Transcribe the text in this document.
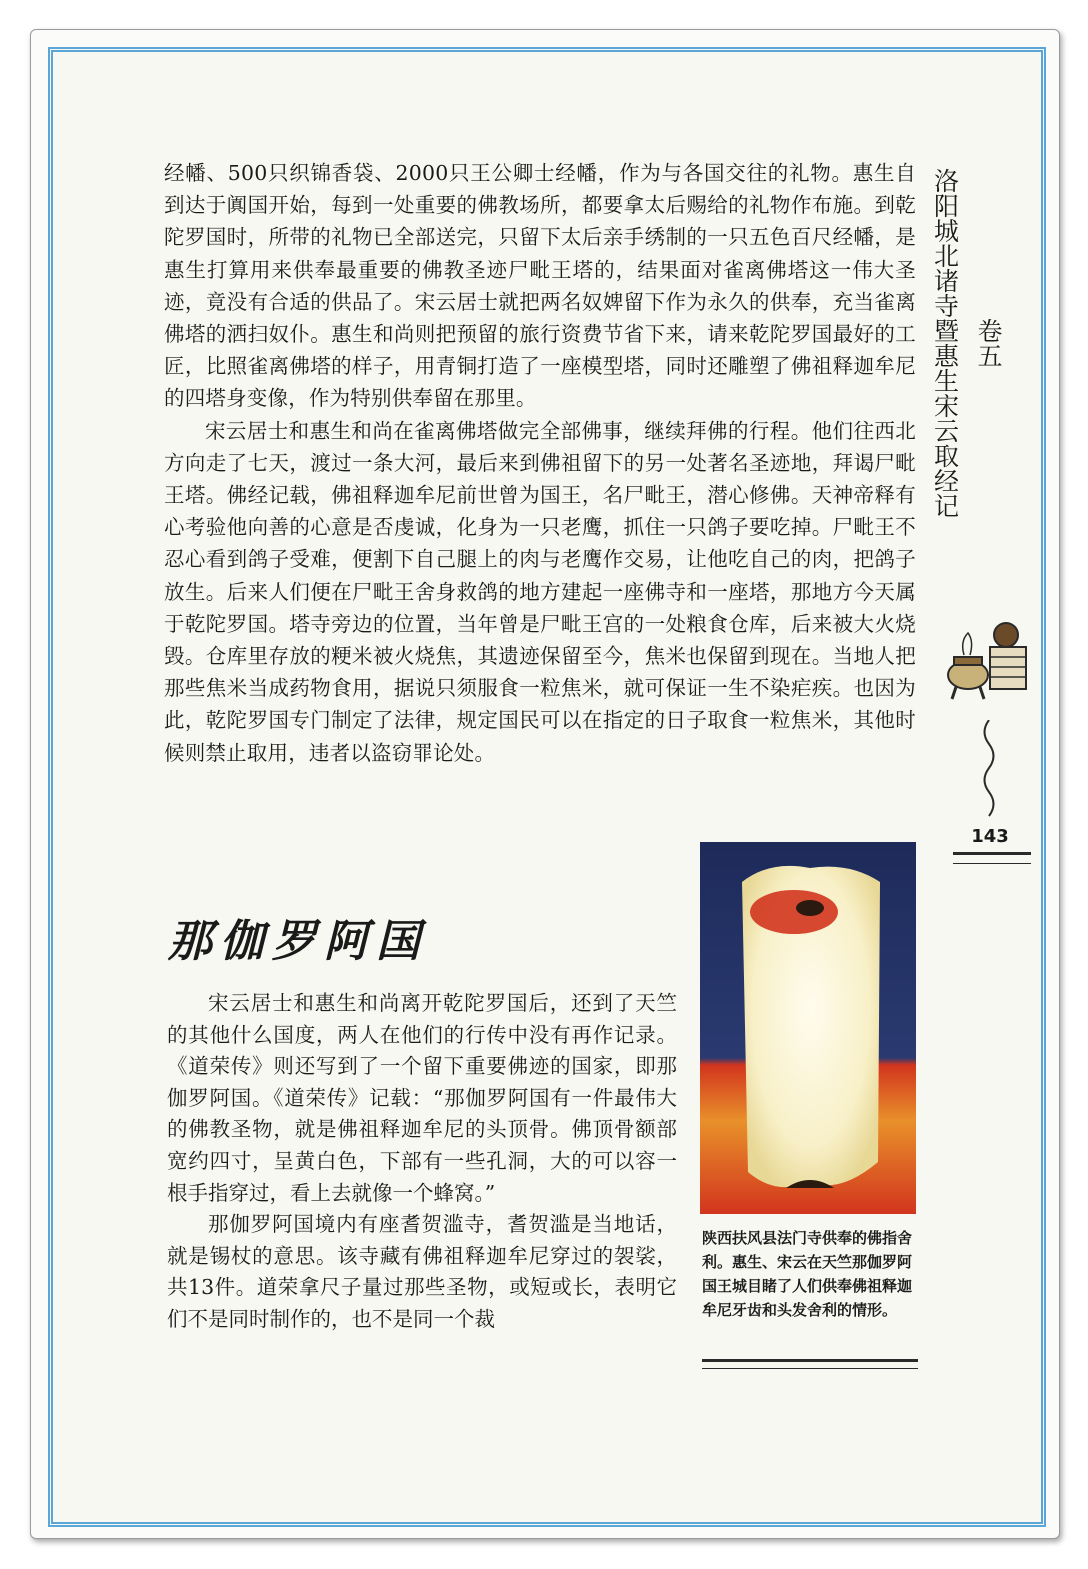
经幡、500只织锦香袋、2000只王公卿士经幡，作为与各国交往的礼物。惠生自到达于阗国开始，每到一处重要的佛教场所，都要拿太后赐给的礼物作布施。到乾陀罗国时，所带的礼物已全部送完，只留下太后亲手绣制的一只五色百尺经幡，是惠生打算用来供奉最重要的佛教圣迹尸毗王塔的，结果面对雀离佛塔这一伟大圣迹，竟没有合适的供品了。宋云居士就把两名奴婢留下作为永久的供奉，充当雀离佛塔的洒扫奴仆。惠生和尚则把预留的旅行资费节省下来，请来乾陀罗国最好的工匠，比照雀离佛塔的样子，用青铜打造了一座模型塔，同时还雕塑了佛祖释迦牟尼的四塔身变像，作为特别供奉留在那里。

宋云居士和惠生和尚在雀离佛塔做完全部佛事，继续拜佛的行程。他们往西北方向走了七天，渡过一条大河，最后来到佛祖留下的另一处著名圣迹地，拜谒尸毗王塔。佛经记载，佛祖释迦牟尼前世曾为国王，名尸毗王，潜心修佛。天神帝释有心考验他向善的心意是否虔诚，化身为一只老鹰，抓住一只鸽子要吃掉。尸毗王不忍心看到鸽子受难，便割下自己腿上的肉与老鹰作交易，让他吃自己的肉，把鸽子放生。后来人们便在尸毗王舍身救鸽的地方建起一座佛寺和一座塔，那地方今天属于乾陀罗国。塔寺旁边的位置，当年曾是尸毗王宫的一处粮食仓库，后来被大火烧毁。仓库里存放的粳米被火烧焦，其遗迹保留至今，焦米也保留到现在。当地人把那些焦米当成药物食用，据说只须服食一粒焦米，就可保证一生不染疟疾。也因为此，乾陀罗国专门制定了法律，规定国民可以在指定的日子取食一粒焦米，其他时候则禁止取用，违者以盗窃罪论处。

卷五
洛阳城北诸寺暨惠生宋云取经记
143
那伽罗阿国

宋云居士和惠生和尚离开乾陀罗国后，还到了天竺的其他什么国度，两人在他们的行传中没有再作记录。《道荣传》则还写到了一个留下重要佛迹的国家，即那伽罗阿国。《道荣传》记载：“那伽罗阿国有一件最伟大的佛教圣物，就是佛祖释迦牟尼的头顶骨。佛顶骨额部宽约四寸，呈黄白色，下部有一些孔洞，大的可以容一根手指穿过，看上去就像一个蜂窝。”

那伽罗阿国境内有座耆贺滥寺，耆贺滥是当地话，就是锡杖的意思。该寺藏有佛祖释迦牟尼穿过的袈裟，共13件。道荣拿尺子量过那些圣物，或短或长，表明它们不是同时制作的，也不是同一个裁

陕西扶风县法门寺供奉的佛指舍利。惠生、宋云在天竺那伽罗阿国王城目睹了人们供奉佛祖释迦牟尼牙齿和头发舍利的情形。
